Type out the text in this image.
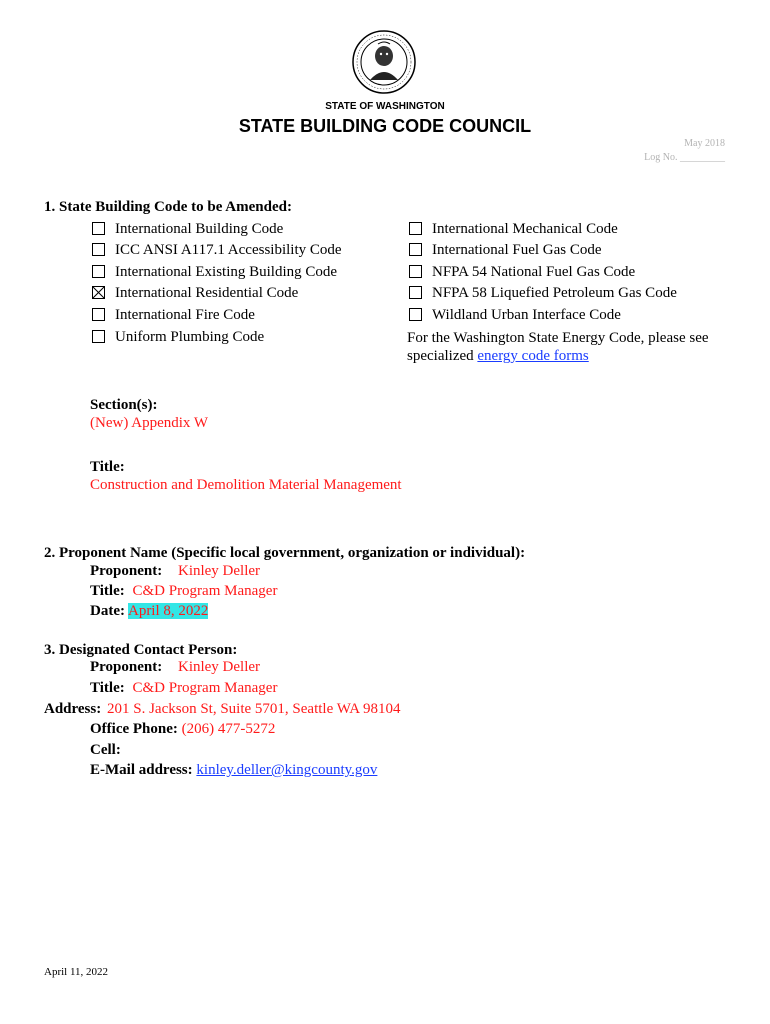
STATE OF WASHINGTON
STATE BUILDING CODE COUNCIL
May 2018
Log No. _________
1. State Building Code to be Amended:
International Building Code
ICC ANSI A117.1 Accessibility Code
International Existing Building Code
International Residential Code
International Fire Code
Uniform Plumbing Code
International Mechanical Code
International Fuel Gas Code
NFPA 54 National Fuel Gas Code
NFPA 58 Liquefied Petroleum Gas Code
Wildland Urban Interface Code
For the Washington State Energy Code, please see
specialized energy code forms
Section(s):
(New) Appendix W
Title:
Construction and Demolition Material Management
2. Proponent Name (Specific local government, organization or individual):
Proponent: Kinley Deller
Title: C&D Program Manager
Date: April 8, 2022
3. Designated Contact Person:
Proponent: Kinley Deller
Title: C&D Program Manager
Address: 201 S. Jackson St, Suite 5701, Seattle WA 98104
Office Phone: (206) 477-5272
Cell:
E-Mail address: kinley.deller@kingcounty.gov
April 11, 2022
